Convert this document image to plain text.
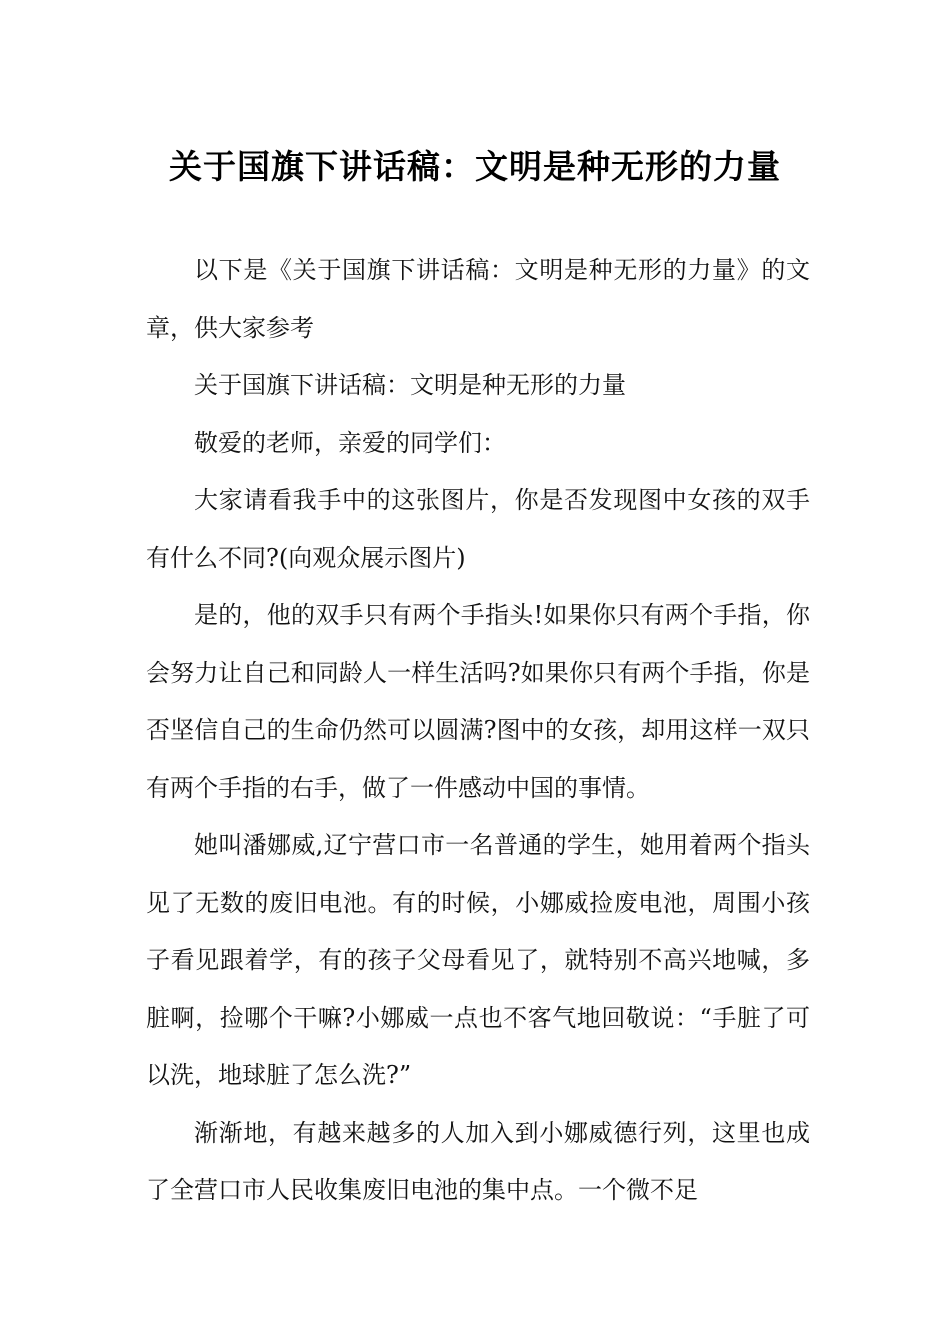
关于国旗下讲话稿：文明是种无形的力量

以下是《关于国旗下讲话稿：文明是种无形的力量》的文章，供大家参考

关于国旗下讲话稿：文明是种无形的力量

敬爱的老师，亲爱的同学们：

大家请看我手中的这张图片，你是否发现图中女孩的双手有什么不同?(向观众展示图片)

是的，他的双手只有两个手指头!如果你只有两个手指，你会努力让自己和同龄人一样生活吗?如果你只有两个手指，你是否坚信自己的生命仍然可以圆满?图中的女孩，却用这样一双只有两个手指的右手，做了一件感动中国的事情。

她叫潘娜威,辽宁营口市一名普通的学生，她用着两个指头见了无数的废旧电池。有的时候，小娜威捡废电池，周围小孩子看见跟着学，有的孩子父母看见了，就特别不高兴地喊，多脏啊，捡哪个干嘛?小娜威一点也不客气地回敬说：“手脏了可以洗，地球脏了怎么洗?”

渐渐地，有越来越多的人加入到小娜威德行列，这里也成了全营口市人民收集废旧电池的集中点。一个微不足
